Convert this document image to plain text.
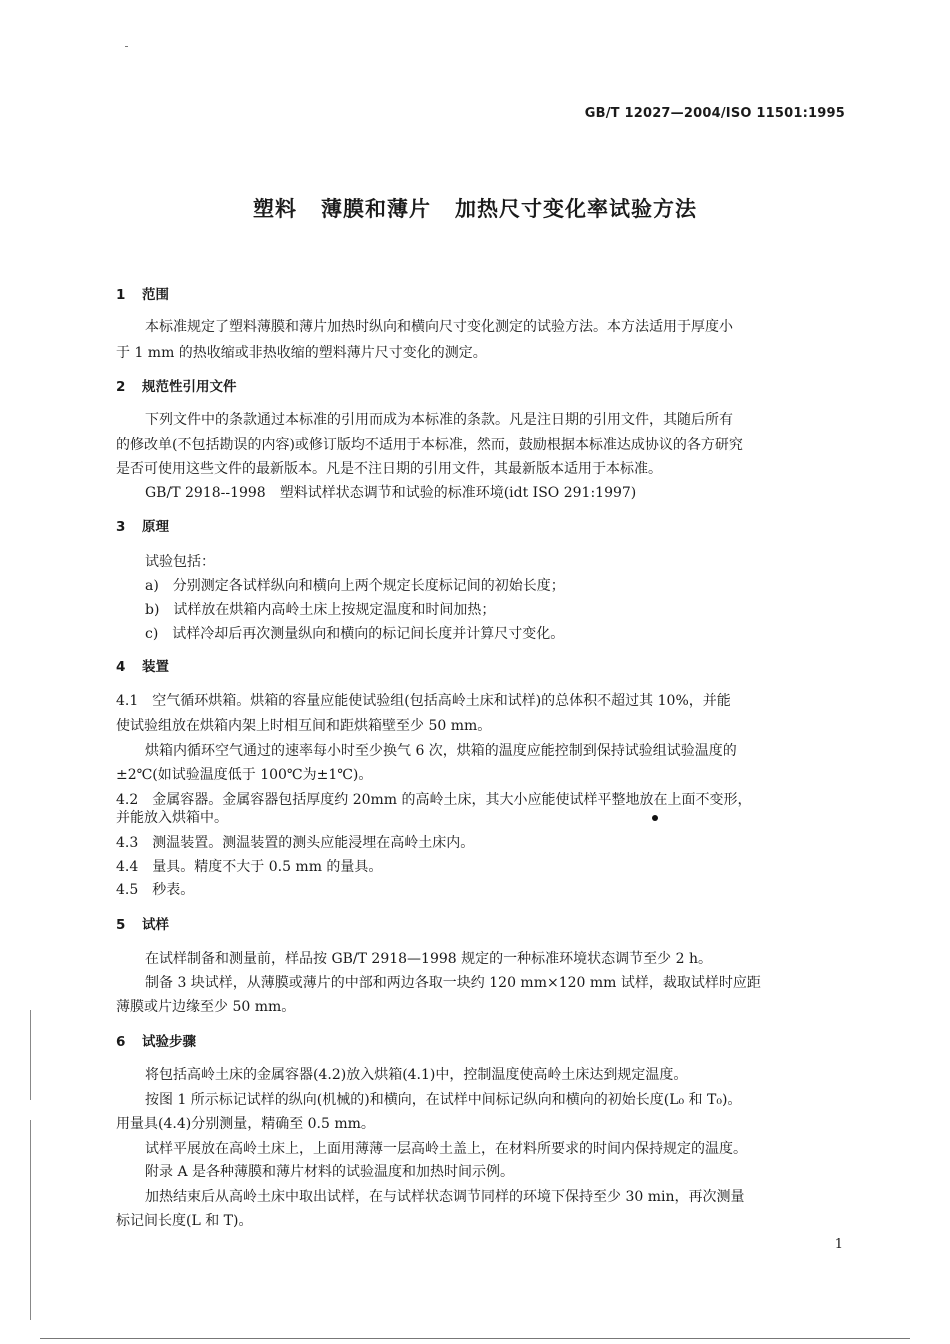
GB/T 12027—2004/ISO 11501:1995
塑料 薄膜和薄片 加热尺寸变化率试验方法
1 范围
本标准规定了塑料薄膜和薄片加热时纵向和横向尺寸变化测定的试验方法。本方法适用于厚度小
于 1 mm 的热收缩或非热收缩的塑料薄片尺寸变化的测定。
2 规范性引用文件
下列文件中的条款通过本标准的引用而成为本标准的条款。凡是注日期的引用文件，其随后所有
的修改单(不包括勘误的内容)或修订版均不适用于本标准，然而，鼓励根据本标准达成协议的各方研究
是否可使用这些文件的最新版本。凡是不注日期的引用文件，其最新版本适用于本标准。
GB/T 2918--1998　塑料试样状态调节和试验的标准环境(idt ISO 291:1997)
3 原理
试验包括：
a)　分别测定各试样纵向和横向上两个规定长度标记间的初始长度；
b)　试样放在烘箱内高岭土床上按规定温度和时间加热；
c)　试样冷却后再次测量纵向和横向的标记间长度并计算尺寸变化。
4 装置
4.1　空气循环烘箱。烘箱的容量应能使试验组(包括高岭土床和试样)的总体积不超过其 10%，并能
使试验组放在烘箱内架上时相互间和距烘箱壁至少 50 mm。
烘箱内循环空气通过的速率每小时至少换气 6 次，烘箱的温度应能控制到保持试验组试验温度的
±2℃(如试验温度低于 100℃为±1℃)。
4.2　金属容器。金属容器包括厚度约 20mm 的高岭土床，其大小应能使试样平整地放在上面不变形，
并能放入烘箱中。
4.3　测温装置。测温装置的测头应能浸埋在高岭土床内。
4.4　量具。精度不大于 0.5 mm 的量具。
4.5　秒表。
5 试样
在试样制备和测量前，样品按 GB/T 2918—1998 规定的一种标准环境状态调节至少 2 h。
制备 3 块试样，从薄膜或薄片的中部和两边各取一块约 120 mm×120 mm 试样，裁取试样时应距
薄膜或片边缘至少 50 mm。
6 试验步骤
将包括高岭土床的金属容器(4.2)放入烘箱(4.1)中，控制温度使高岭土床达到规定温度。
按图 1 所示标记试样的纵向(机械的)和横向，在试样中间标记纵向和横向的初始长度(L₀ 和 T₀)。
用量具(4.4)分别测量，精确至 0.5 mm。
试样平展放在高岭土床上，上面用薄薄一层高岭土盖上，在材料所要求的时间内保持规定的温度。
附录 A 是各种薄膜和薄片材料的试验温度和加热时间示例。
加热结束后从高岭土床中取出试样，在与试样状态调节同样的环境下保持至少 30 min，再次测量
标记间长度(L 和 T)。
1
